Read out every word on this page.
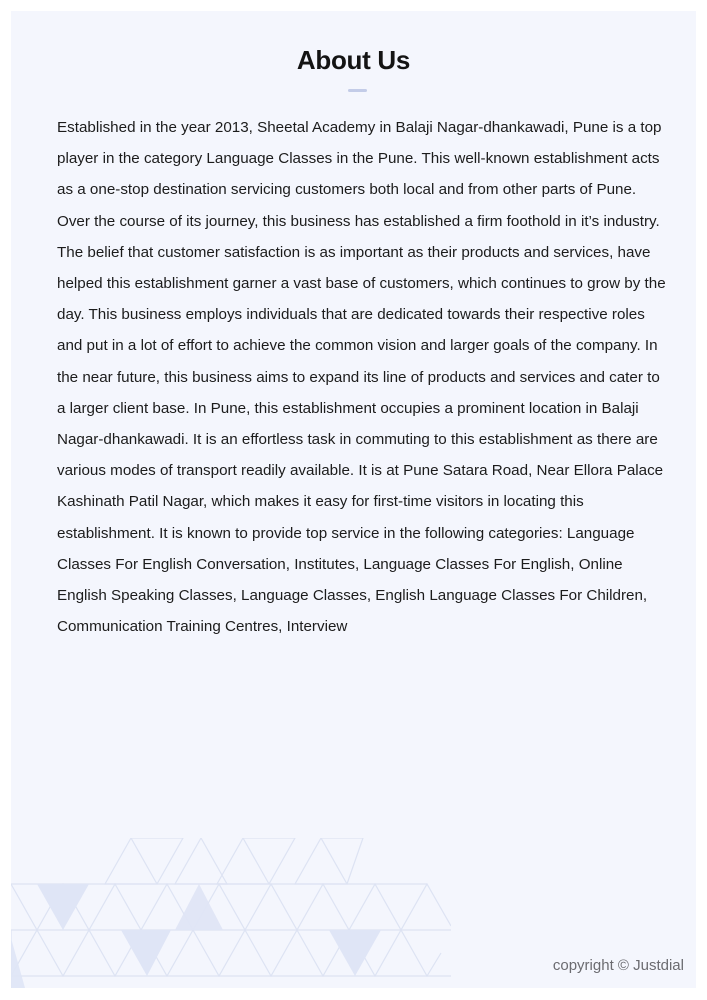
About Us

Established in the year 2013, Sheetal Academy in Balaji Nagar-dhankawadi, Pune is a top player in the category Language Classes in the Pune. This well-known establishment acts as a one-stop destination servicing customers both local and from other parts of Pune. Over the course of its journey, this business has established a firm foothold in it’s industry. The belief that customer satisfaction is as important as their products and services, have helped this establishment garner a vast base of customers, which continues to grow by the day. This business employs individuals that are dedicated towards their respective roles and put in a lot of effort to achieve the common vision and larger goals of the company. In the near future, this business aims to expand its line of products and services and cater to a larger client base. In Pune, this establishment occupies a prominent location in Balaji Nagar-dhankawadi. It is an effortless task in commuting to this establishment as there are various modes of transport readily available. It is at Pune Satara Road, Near Ellora Palace Kashinath Patil Nagar, which makes it easy for first-time visitors in locating this establishment. It is known to provide top service in the following categories: Language Classes For English Conversation, Institutes, Language Classes For English, Online English Speaking Classes, Language Classes, English Language Classes For Children, Communication Training Centres, Interview

copyright © Justdial
